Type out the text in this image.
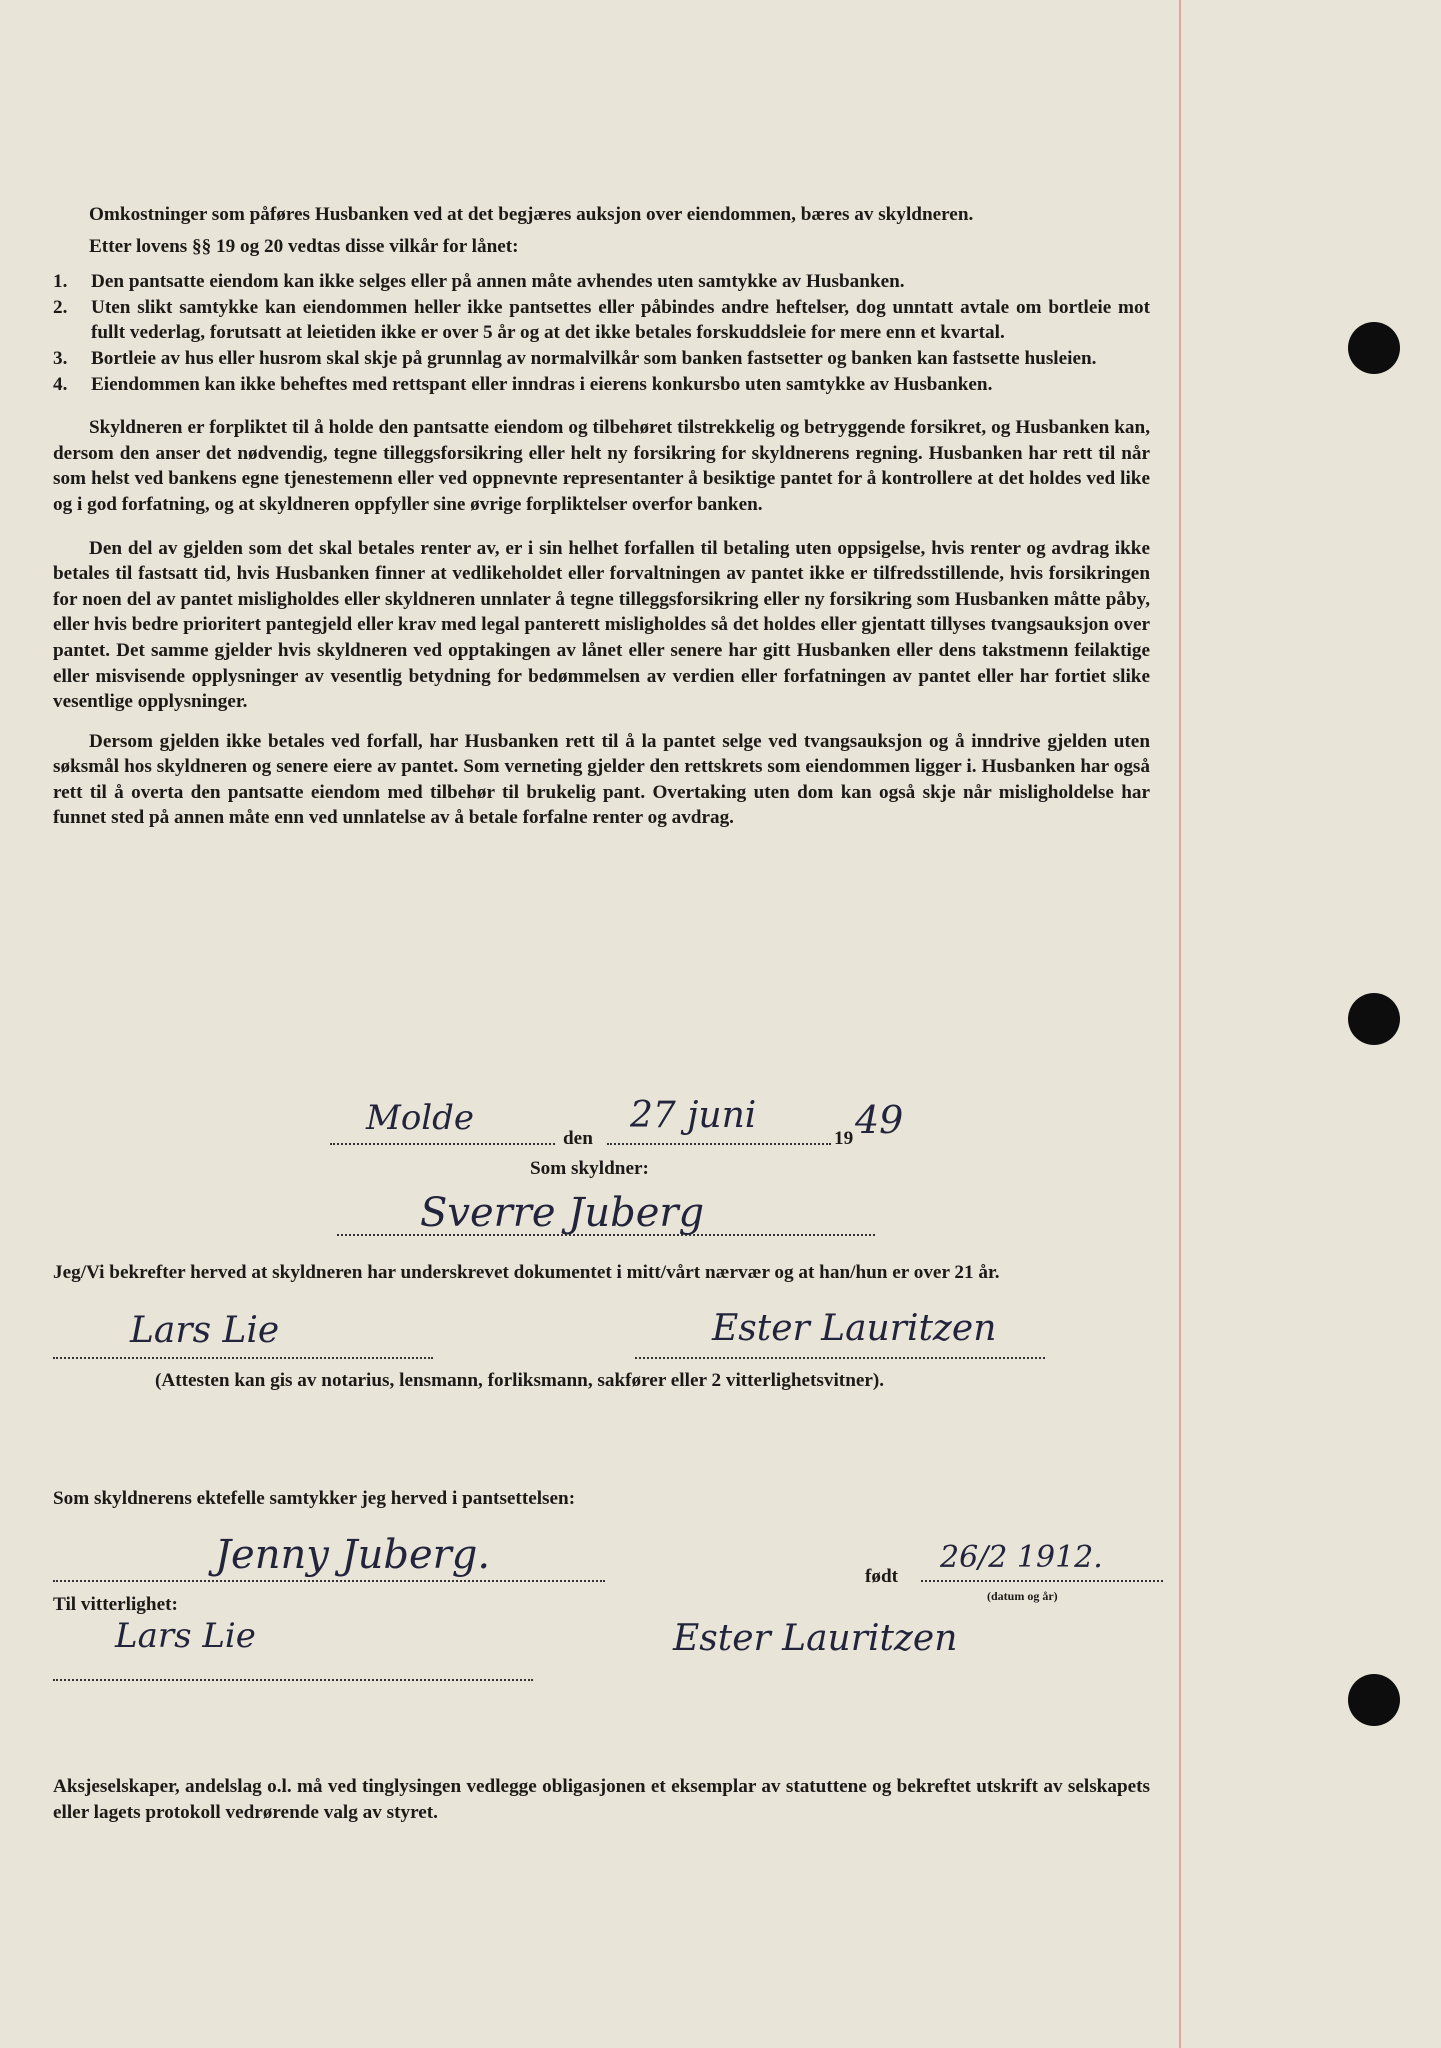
Omkostninger som påføres Husbanken ved at det begjæres auksjon over eiendommen, bæres av skyldneren.

Etter lovens §§ 19 og 20 vedtas disse vilkår for lånet:

1.	Den pantsatte eiendom kan ikke selges eller på annen måte avhendes uten samtykke av Husbanken.
2.	Uten slikt samtykke kan eiendommen heller ikke pantsettes eller påbindes andre heftelser, dog unntatt avtale om bortleie mot fullt vederlag, forutsatt at leietiden ikke er over 5 år og at det ikke betales forskuddsleie for mere enn et kvartal.
3.	Bortleie av hus eller husrom skal skje på grunnlag av normalvilkår som banken fastsetter og banken kan fastsette husleien.
4.	Eiendommen kan ikke beheftes med rettspant eller inndras i eierens konkursbo uten samtykke av Husbanken.

Skyldneren er forpliktet til å holde den pantsatte eiendom og tilbehøret tilstrekkelig og betryggende forsikret, og Husbanken kan, dersom den anser det nødvendig, tegne tilleggsforsikring eller helt ny forsikring for skyldnerens regning. Husbanken har rett til når som helst ved bankens egne tjenestemenn eller ved oppnevnte representanter å besiktige pantet for å kontrollere at det holdes ved like og i god forfatning, og at skyldneren oppfyller sine øvrige forpliktelser overfor banken.

Den del av gjelden som det skal betales renter av, er i sin helhet forfallen til betaling uten oppsigelse, hvis renter og avdrag ikke betales til fastsatt tid, hvis Husbanken finner at vedlikeholdet eller forvaltningen av pantet ikke er tilfredsstillende, hvis forsikringen for noen del av pantet misligholdes eller skyldneren unnlater å tegne tilleggsforsikring eller ny forsikring som Husbanken måtte påby, eller hvis bedre prioritert pantegjeld eller krav med legal panterett misligholdes så det holdes eller gjentatt tillyses tvangsauksjon over pantet. Det samme gjelder hvis skyldneren ved opptakingen av lånet eller senere har gitt Husbanken eller dens takstmenn feilaktige eller misvisende opplysninger av vesentlig betydning for bedømmelsen av verdien eller forfatningen av pantet eller har fortiet slike vesentlige opplysninger.

Dersom gjelden ikke betales ved forfall, har Husbanken rett til å la pantet selge ved tvangsauksjon og å inndrive gjelden uten søksmål hos skyldneren og senere eiere av pantet. Som verneting gjelder den rettskrets som eiendommen ligger i. Husbanken har også rett til å overta den pantsatte eiendom med tilbehør til brukelig pant. Overtaking uten dom kan også skje når misligholdelse har funnet sted på annen måte enn ved unnlatelse av å betale forfalne renter og avdrag.

Molde
den
27 juni
19 49
Som skyldner:
Sverre Juberg
Jeg/Vi bekrefter herved at skyldneren har underskrevet dokumentet i mitt/vårt nærvær og at han/hun er over 21 år.
Lars Lie	Ester Lauritzen
(Attesten kan gis av notarius, lensmann, forliksmann, sakfører eller 2 vitterlighetsvitner).
Som skyldnerens ektefelle samtykker jeg herved i pantsettelsen:
Jenny Juberg.	født
26/2 1912.
(datum og år)
Til vitterlighet:
Lars Lie	Ester Lauritzen
Aksjeselskaper, andelslag o.l. må ved tinglysingen vedlegge obligasjonen et eksemplar av statuttene og bekreftet utskrift av selskapets eller lagets protokoll vedrørende valg av styret.
